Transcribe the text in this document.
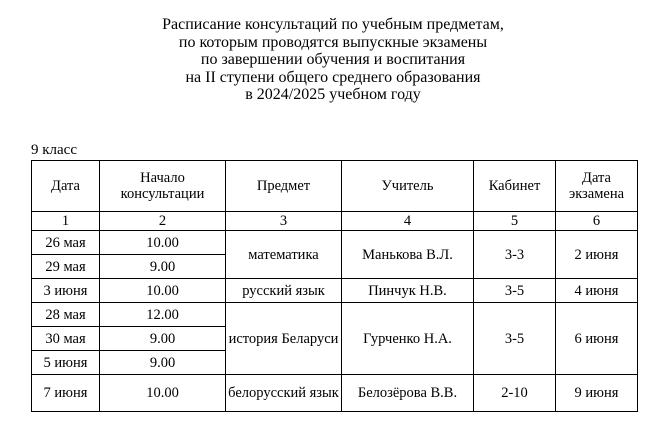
Расписание консультаций по учебным предметам,
по которым проводятся выпускные экзамены
по завершении обучения и воспитания
на II ступени общего среднего образования
в 2024/2025 учебном году
9 класс
Дата	Начало консультации	Предмет	Учитель	Кабинет	Дата экзамена
1	2	3	4	5	6
26 мая	10.00	математика	Манькова В.Л.	3-3	2 июня
29 мая	9.00				
3 июня	10.00	русский язык	Пинчук Н.В.	3-5	4 июня
28 мая	12.00	история Беларуси	Гурченко Н.А.	3-5	6 июня
30 мая	9.00				
5 июня	9.00				
7 июня	10.00	белорусский язык	Белозёрова В.В.	2-10	9 июня
